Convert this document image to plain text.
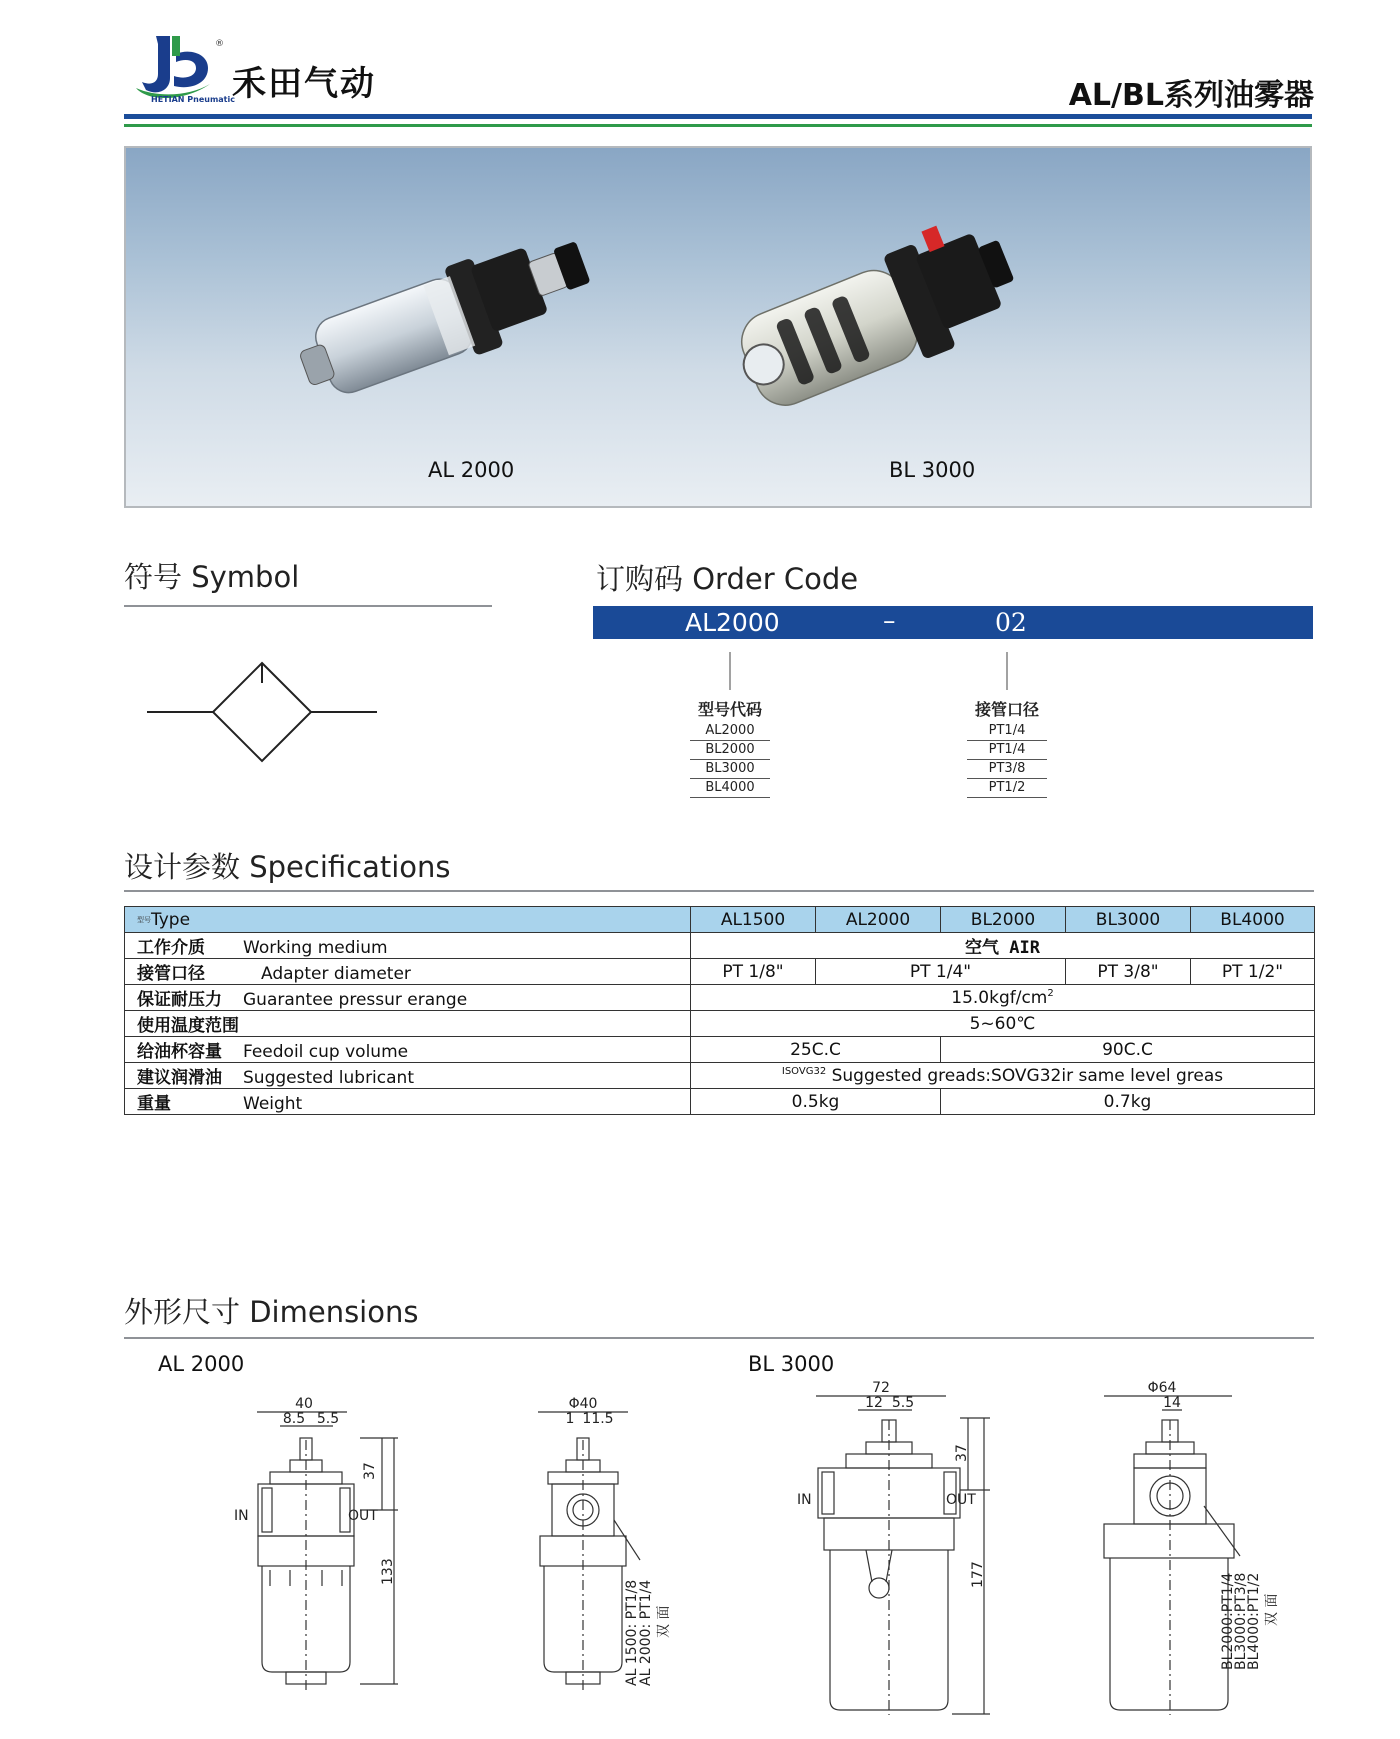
®
禾田气动
HETIAN Pneumatic	AL/BL系列油雾器
AL 2000	BL 3000
符号 Symbol	订购码 Order Code
AL2000	–	02
型号代码
AL2000
BL2000
BL3000
BL4000
接管口径
PT1/4
PT1/4
PT3/8
PT1/2
设计参数 Specifications
型号Type	AL1500	AL2000	BL2000	BL3000	BL4000
工作介质 Working medium	空气 AIR				
接管口径 Adapter diameter	PT 1/8"	PT 1/4"		PT 3/8"	PT 1/2"
保证耐压力 Guarantee pressur erange	$15.0kgf/cm^2$
使用温度范围	5~60℃				
给油杯容量 Feedoil cup volume	25C.C		90C.C		
建议润滑油 Suggested lubricant	$^{ISOVG32}$ Suggested greads:SOVG32ir same level greas				
重量 Weight	0.5kg		0.7kg		
外形尺寸 Dimensions
AL 2000	BL 3000
40
8.5 5.5
37
133
IN	OUT
Φ40
1 11.5
AL 1500: PT1/8
AL 2000: PT1/4 双 面
72
12 5.5
37
177
IN	OUT
Φ64
14
BL2000:PT1/4
BL3000:PT3/8
BL4000:PT1/2 双 面
